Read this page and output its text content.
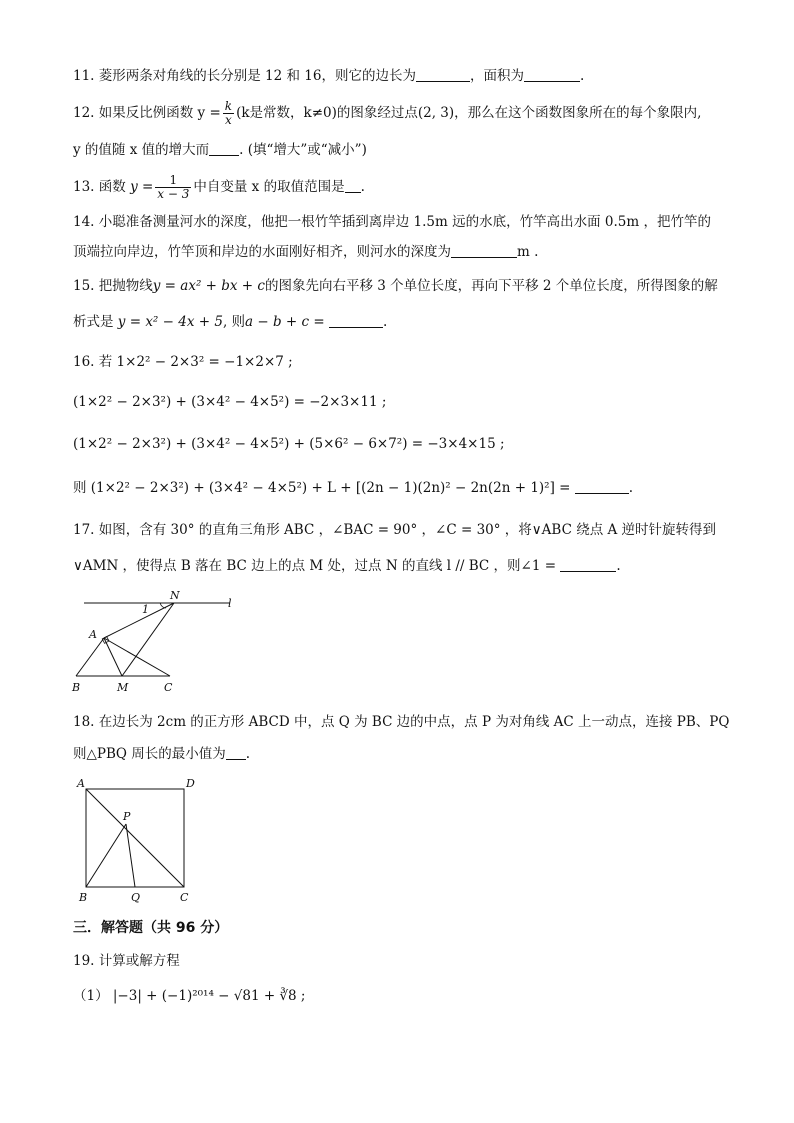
11. 菱形两条对角线的长分别是 12 和 16，则它的边长为	，面积为	.
12. 如果反比例函数 $y = \frac{k}{x} (k$是常数，k≠0)的图象经过点(2, 3)，那么在这个函数图象所在的每个象限内,
y 的值随 x 值的增大而 . (填“增大”或“减小”)
13. 函数 $y = \frac{1}{x - 3}$ 中自变量 x 的取值范围是 .
14. 小聪准备测量河水的深度，他把一根竹竿插到离岸边 1.5m 远的水底，竹竿高出水面 0.5m ，把竹竿的
顶端拉向岸边，竹竿顶和岸边的水面刚好相齐，则河水的深度为	m .
15. 把抛物线y = ax² + bx + c的图象先向右平移 3 个单位长度，再向下平移 2 个单位长度，所得图象的解
析式是 y = x² − 4x + 5, 则a − b + c =	.
16. 若 1×2² − 2×3² = −1×2×7 ;
(1×2² − 2×3²) + (3×4² − 4×5²) = −2×3×11 ;
(1×2² − 2×3²) + (3×4² − 4×5²) + (5×6² − 6×7²) = −3×4×15 ;
则 (1×2² − 2×3²) + (3×4² − 4×5²) + L + [(2n − 1)(2n)² − 2n(2n + 1)²] =	.
17. 如图，含有 30° 的直角三角形 ABC ，∠BAC = 90° ，∠C = 30° ，将∨ABC 绕点 A 逆时针旋转得到
∨AMN ，使得点 B 落在 BC 边上的点 M 处，过点 N 的直线 l // BC ，则∠1 =	.
N
l
1
A
B	M	C
18. 在边长为 2cm 的正方形 ABCD 中，点 Q 为 BC 边的中点，点 P 为对角线 AC 上一动点，连接 PB、PQ
则△PBQ 周长的最小值为 .
A	D
P
B	Q	C
三．解答题（共 96 分）
19. 计算或解方程
（1） |−3| + (−1)²⁰¹⁴ − √81 + ∛8 ;
